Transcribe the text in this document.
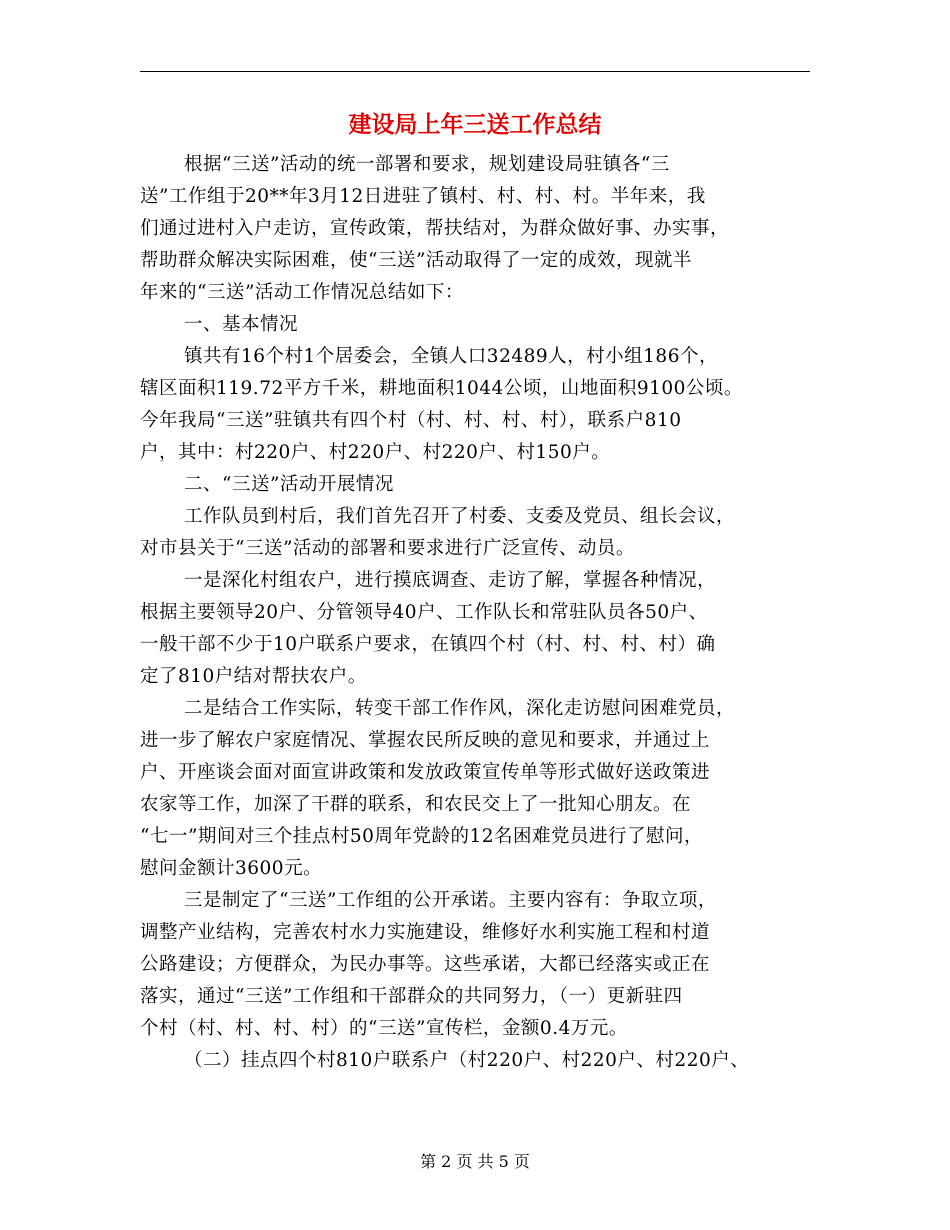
建设局上年三送工作总结
根据“三送”活动的统一部署和要求，规划建设局驻镇各“三
送”工作组于20**年3月12日进驻了镇村、村、村、村。半年来，我
们通过进村入户走访，宣传政策，帮扶结对，为群众做好事、办实事，
帮助群众解决实际困难，使“三送”活动取得了一定的成效，现就半
年来的“三送”活动工作情况总结如下：
一、基本情况
镇共有16个村1个居委会，全镇人口32489人，村小组186个，
辖区面积119.72平方千米，耕地面积1044公顷，山地面积9100公顷。
今年我局“三送”驻镇共有四个村（村、村、村、村），联系户810
户，其中：村220户、村220户、村220户、村150户。
二、“三送”活动开展情况
工作队员到村后，我们首先召开了村委、支委及党员、组长会议，
对市县关于“三送”活动的部署和要求进行广泛宣传、动员。
一是深化村组农户，进行摸底调查、走访了解，掌握各种情况，
根据主要领导20户、分管领导40户、工作队长和常驻队员各50户、
一般干部不少于10户联系户要求，在镇四个村（村、村、村、村）确
定了810户结对帮扶农户。
二是结合工作实际，转变干部工作作风，深化走访慰问困难党员，
进一步了解农户家庭情况、掌握农民所反映的意见和要求，并通过上
户、开座谈会面对面宣讲政策和发放政策宣传单等形式做好送政策进
农家等工作，加深了干群的联系，和农民交上了一批知心朋友。在
“七一”期间对三个挂点村50周年党龄的12名困难党员进行了慰问，
慰问金额计3600元。
三是制定了“三送”工作组的公开承诺。主要内容有：争取立项，
调整产业结构，完善农村水力实施建设，维修好水利实施工程和村道
公路建设；方便群众，为民办事等。这些承诺，大都已经落实或正在
落实，通过“三送”工作组和干部群众的共同努力，（一）更新驻四
个村（村、村、村、村）的“三送”宣传栏，金额0.4万元。
（二）挂点四个村810户联系户（村220户、村220户、村220户、
第 2 页 共 5 页
